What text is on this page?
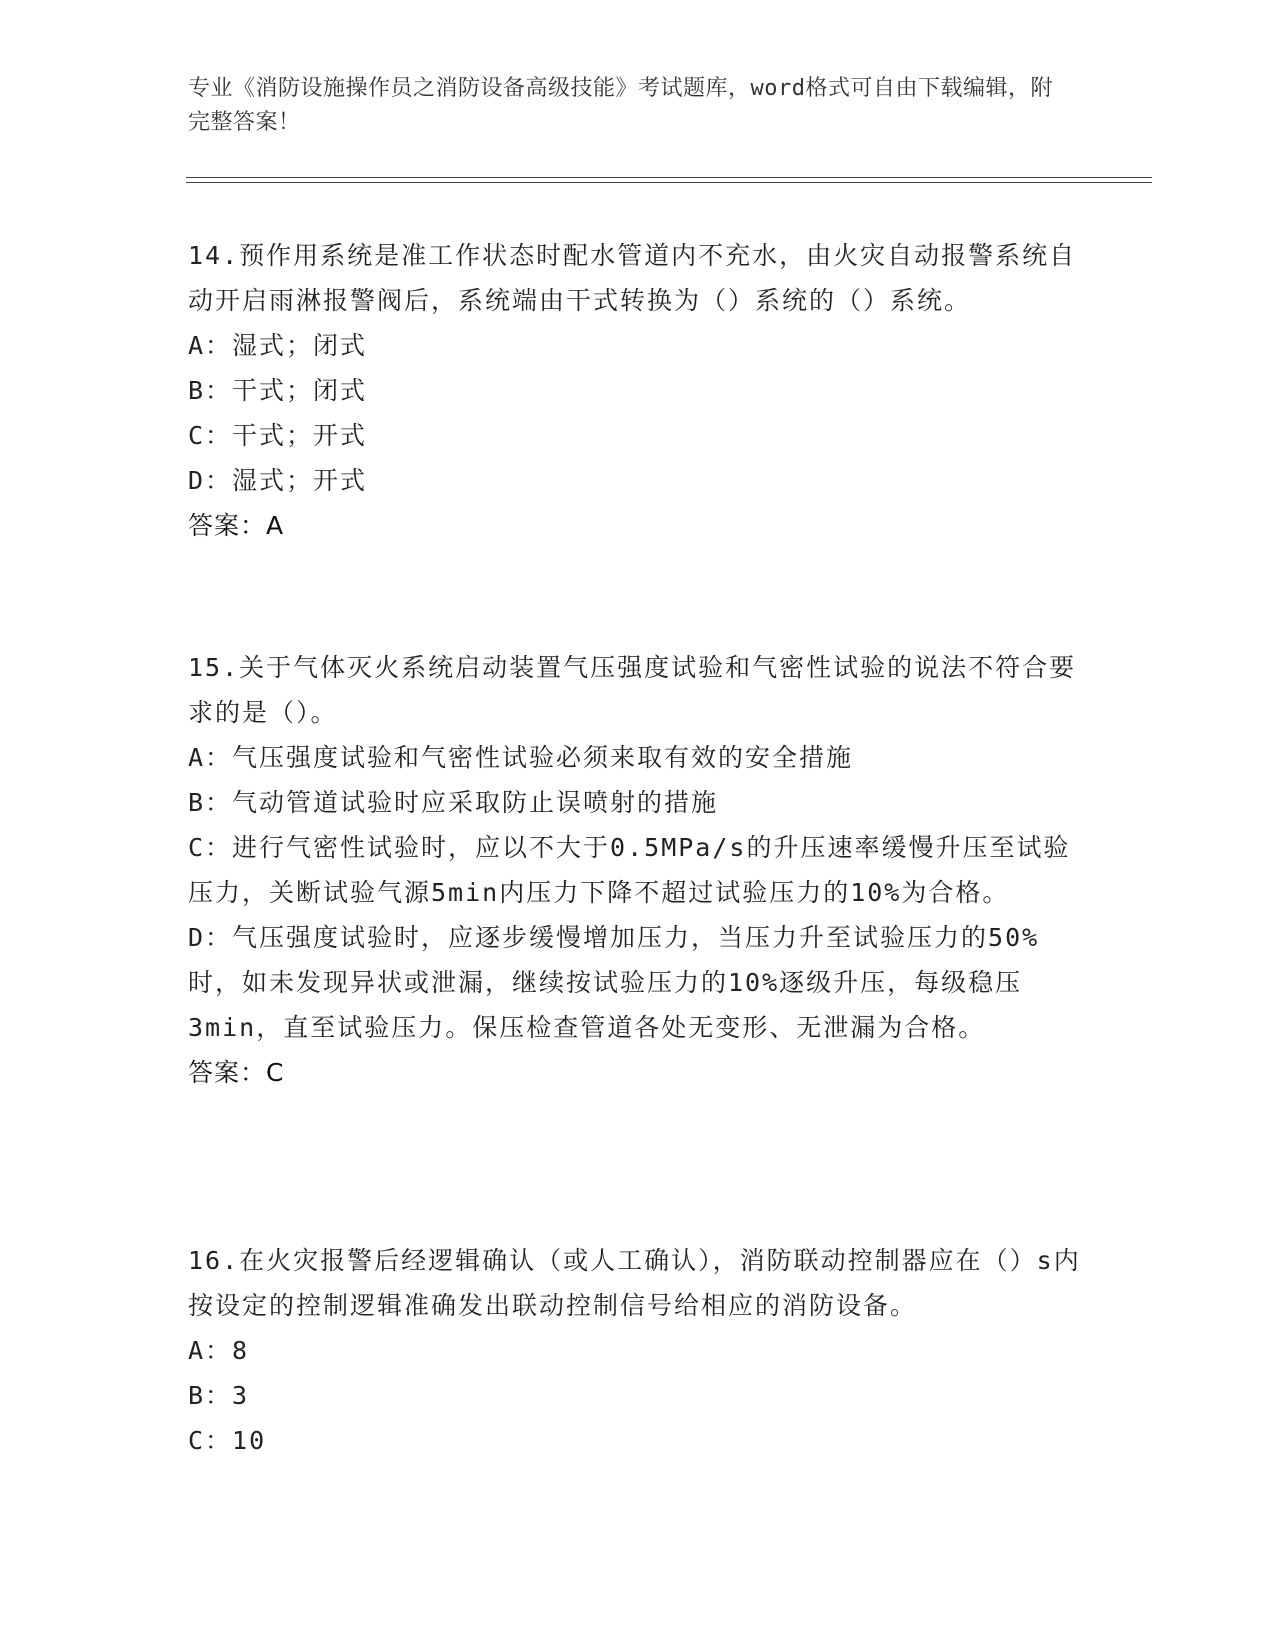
专业《消防设施操作员之消防设备高级技能》考试题库，word格式可自由下载编辑，附完整答案！
14.预作用系统是准工作状态时配水管道内不充水，由火灾自动报警系统自动开启雨淋报警阀后，系统端由干式转换为（）系统的（）系统。
A：湿式；闭式
B：干式；闭式
C：干式；开式
D：湿式；开式
答案：A
15.关于气体灭火系统启动装置气压强度试验和气密性试验的说法不符合要求的是（）。
A：气压强度试验和气密性试验必须来取有效的安全措施
B：气动管道试验时应采取防止误喷射的措施
C：进行气密性试验时，应以不大于0.5MPa/s的升压速率缓慢升压至试验压力，关断试验气源5min内压力下降不超过试验压力的10%为合格。
D：气压强度试验时，应逐步缓慢增加压力，当压力升至试验压力的50%时，如未发现异状或泄漏，继续按试验压力的10%逐级升压，每级稳压3min，直至试验压力。保压检查管道各处无变形、无泄漏为合格。
答案：C
16.在火灾报警后经逻辑确认（或人工确认），消防联动控制器应在（）s内按设定的控制逻辑准确发出联动控制信号给相应的消防设备。
A：8
B：3
C：10
